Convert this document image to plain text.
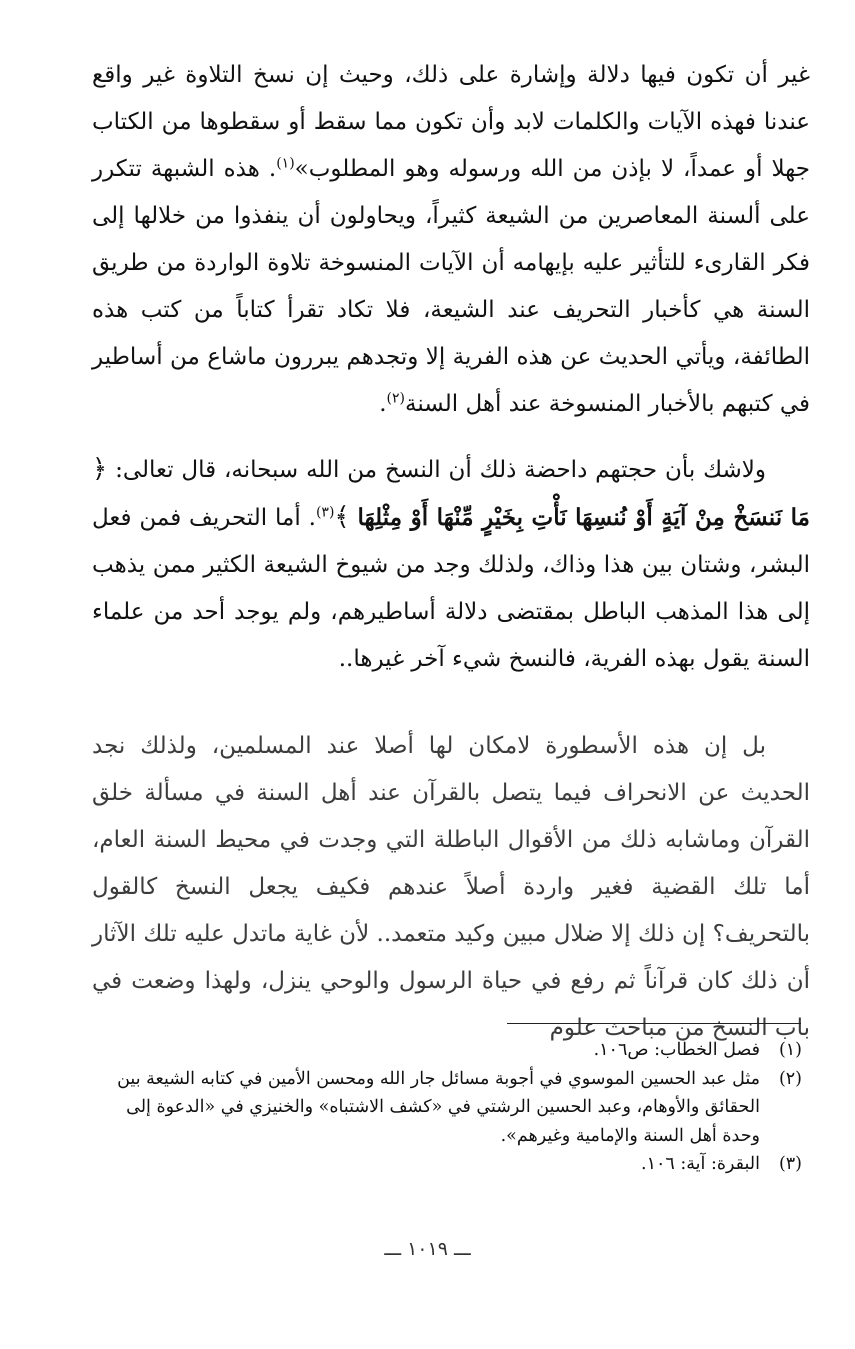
غير أن تكون فيها دلالة وإشارة على ذلك، وحيث إن نسخ التلاوة غير واقع عندنا فهذه الآيات والكلمات لابد وأن تكون مما سقط أو سقطوها من الكتاب جهلا أو عمداً، لا بإذن من الله ورسوله وهو المطلوب»$^{(١)}$. هذه الشبهة تتكرر على ألسنة المعاصرين من الشيعة كثيراً، ويحاولون أن ينفذوا من خلالها إلى فكر القارىء للتأثير عليه بإيهامه أن الآيات المنسوخة تلاوة الواردة من طريق السنة هي كأخبار التحريف عند الشيعة، فلا تكاد تقرأ كتاباً من كتب هذه الطائفة، ويأتي الحديث عن هذه الفرية إلا وتجدهم يبررون ماشاع من أساطير في كتبهم بالأخبار المنسوخة عند أهل السنة$^{(٢)}$.

ولاشك بأن حجتهم داحضة ذلك أن النسخ من الله سبحانه، قال تعالى: ﴿ مَا نَنسَخْ مِنْ آيَةٍ أَوْ نُنسِهَا نَأْتِ بِخَيْرٍ مِّنْهَا أَوْ مِثْلِهَا ﴾$^{(٣)}$. أما التحريف فمن فعل البشر، وشتان بين هذا وذاك، ولذلك وجد من شيوخ الشيعة الكثير ممن يذهب إلى هذا المذهب الباطل بمقتضى دلالة أساطيرهم، ولم يوجد أحد من علماء السنة يقول بهذه الفرية، فالنسخ شيء آخر غيرها..

بل إن هذه الأسطورة لامكان لها أصلا عند المسلمين، ولذلك نجد الحديث عن الانحراف فيما يتصل بالقرآن عند أهل السنة في مسألة خلق القرآن وماشابه ذلك من الأقوال الباطلة التي وجدت في محيط السنة العام، أما تلك القضية فغير واردة أصلاً عندهم فكيف يجعل النسخ كالقول بالتحريف؟ إن ذلك إلا ضلال مبين وكيد متعمد.. لأن غاية ماتدل عليه تلك الآثار أن ذلك كان قرآناً ثم رفع في حياة الرسول والوحي ينزل، ولهذا وضعت في باب النسخ من مباحث علوم

(١)
فصل الخطاب: ص١٠٦.

(٢)
مثل عبد الحسين الموسوي في أجوبة مسائل جار الله ومحسن الأمين في كتابه الشيعة بين الحقائق والأوهام، وعبد الحسين الرشتي في «كشف الاشتباه» والخنيزي في «الدعوة إلى وحدة أهل السنة والإمامية وغيرهم».

(٣)
البقرة: آية: ١٠٦.

ـــ ١٠١٩ ـــ
